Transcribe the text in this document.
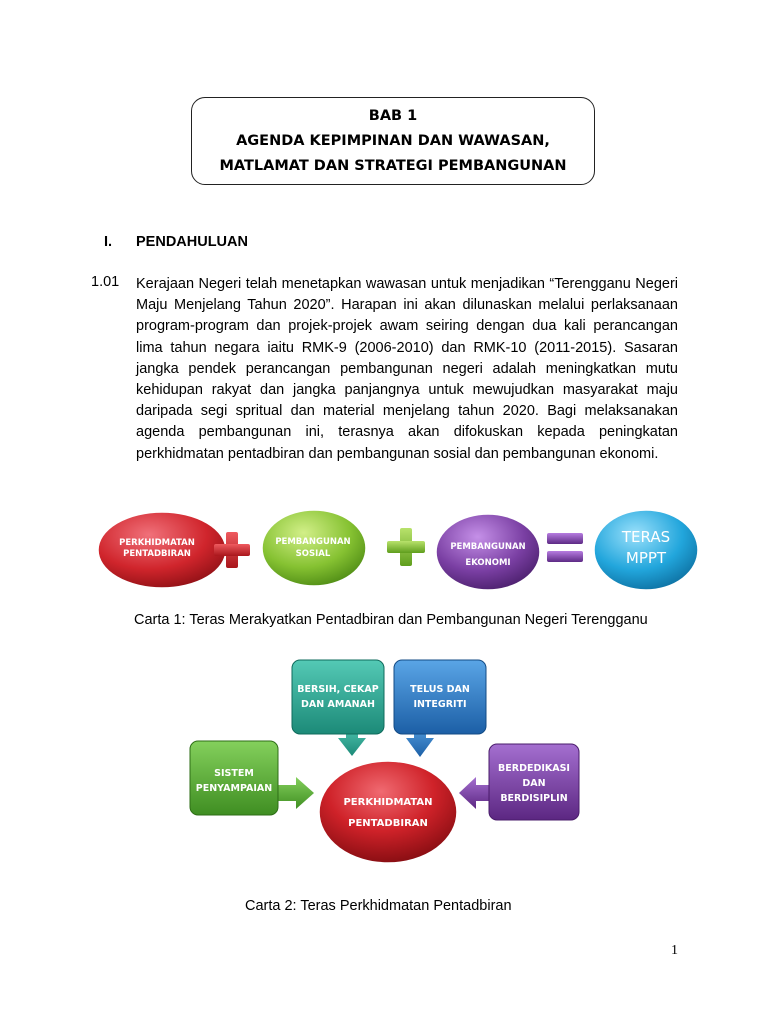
BAB 1
AGENDA KEPIMPINAN DAN WAWASAN,
MATLAMAT DAN STRATEGI PEMBANGUNAN
I. PENDAHULUAN
1.01 Kerajaan Negeri telah menetapkan wawasan untuk menjadikan “Terengganu Negeri Maju Menjelang Tahun 2020”. Harapan ini akan dilunaskan melalui perlaksanaan program-program dan projek-projek awam seiring dengan dua kali perancangan lima tahun negara iaitu RMK-9 (2006-2010) dan RMK-10 (2011-2015). Sasaran jangka pendek perancangan pembangunan negeri adalah meningkatkan mutu kehidupan rakyat dan jangka panjangnya untuk mewujudkan masyarakat maju daripada segi spritual dan material menjelang tahun 2020. Bagi melaksanakan agenda pembangunan ini, terasnya akan difokuskan kepada peningkatan perkhidmatan pentadbiran dan pembangunan sosial dan pembangunan ekonomi.
PERKHIDMATAN
PENTADBIRAN
PEMBANGUNAN
SOSIAL
PEMBANGUNAN
EKONOMI
TERAS
MPPT
Carta 1: Teras Merakyatkan Pentadbiran dan Pembangunan Negeri Terengganu
BERSIH, CEKAP
DAN AMANAH
TELUS DAN
INTEGRITI
SISTEM
PENYAMPAIAN
BERDEDIKASI
DAN
BERDISIPLIN
PERKHIDMATAN
PENTADBIRAN
Carta 2: Teras Perkhidmatan Pentadbiran
1
